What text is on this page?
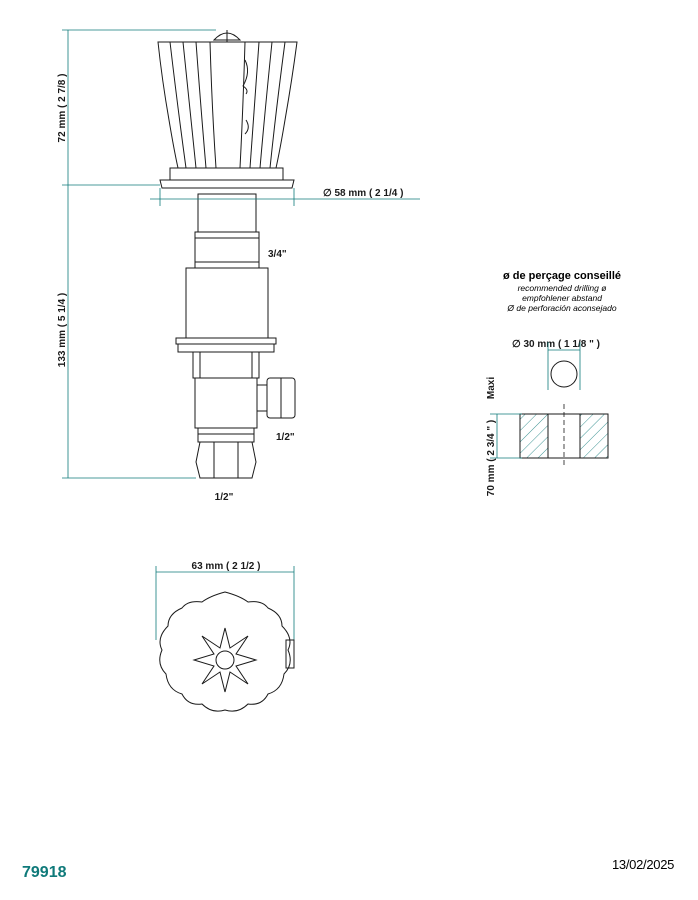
72 mm ( 2 7/8 )
∅ 58 mm ( 2 1/4 )
133 mm ( 5 1/4 )
3/4"
1/2"
1/2"
ø de perçage conseillé
recommended drilling ø
empfohlener abstand
Ø de perforación aconsejado
∅ 30 mm ( 1 1/8 " )
70 mm ( 2 3/4 " )
Maxi
63 mm ( 2 1/2 )
79918	13/02/2025
